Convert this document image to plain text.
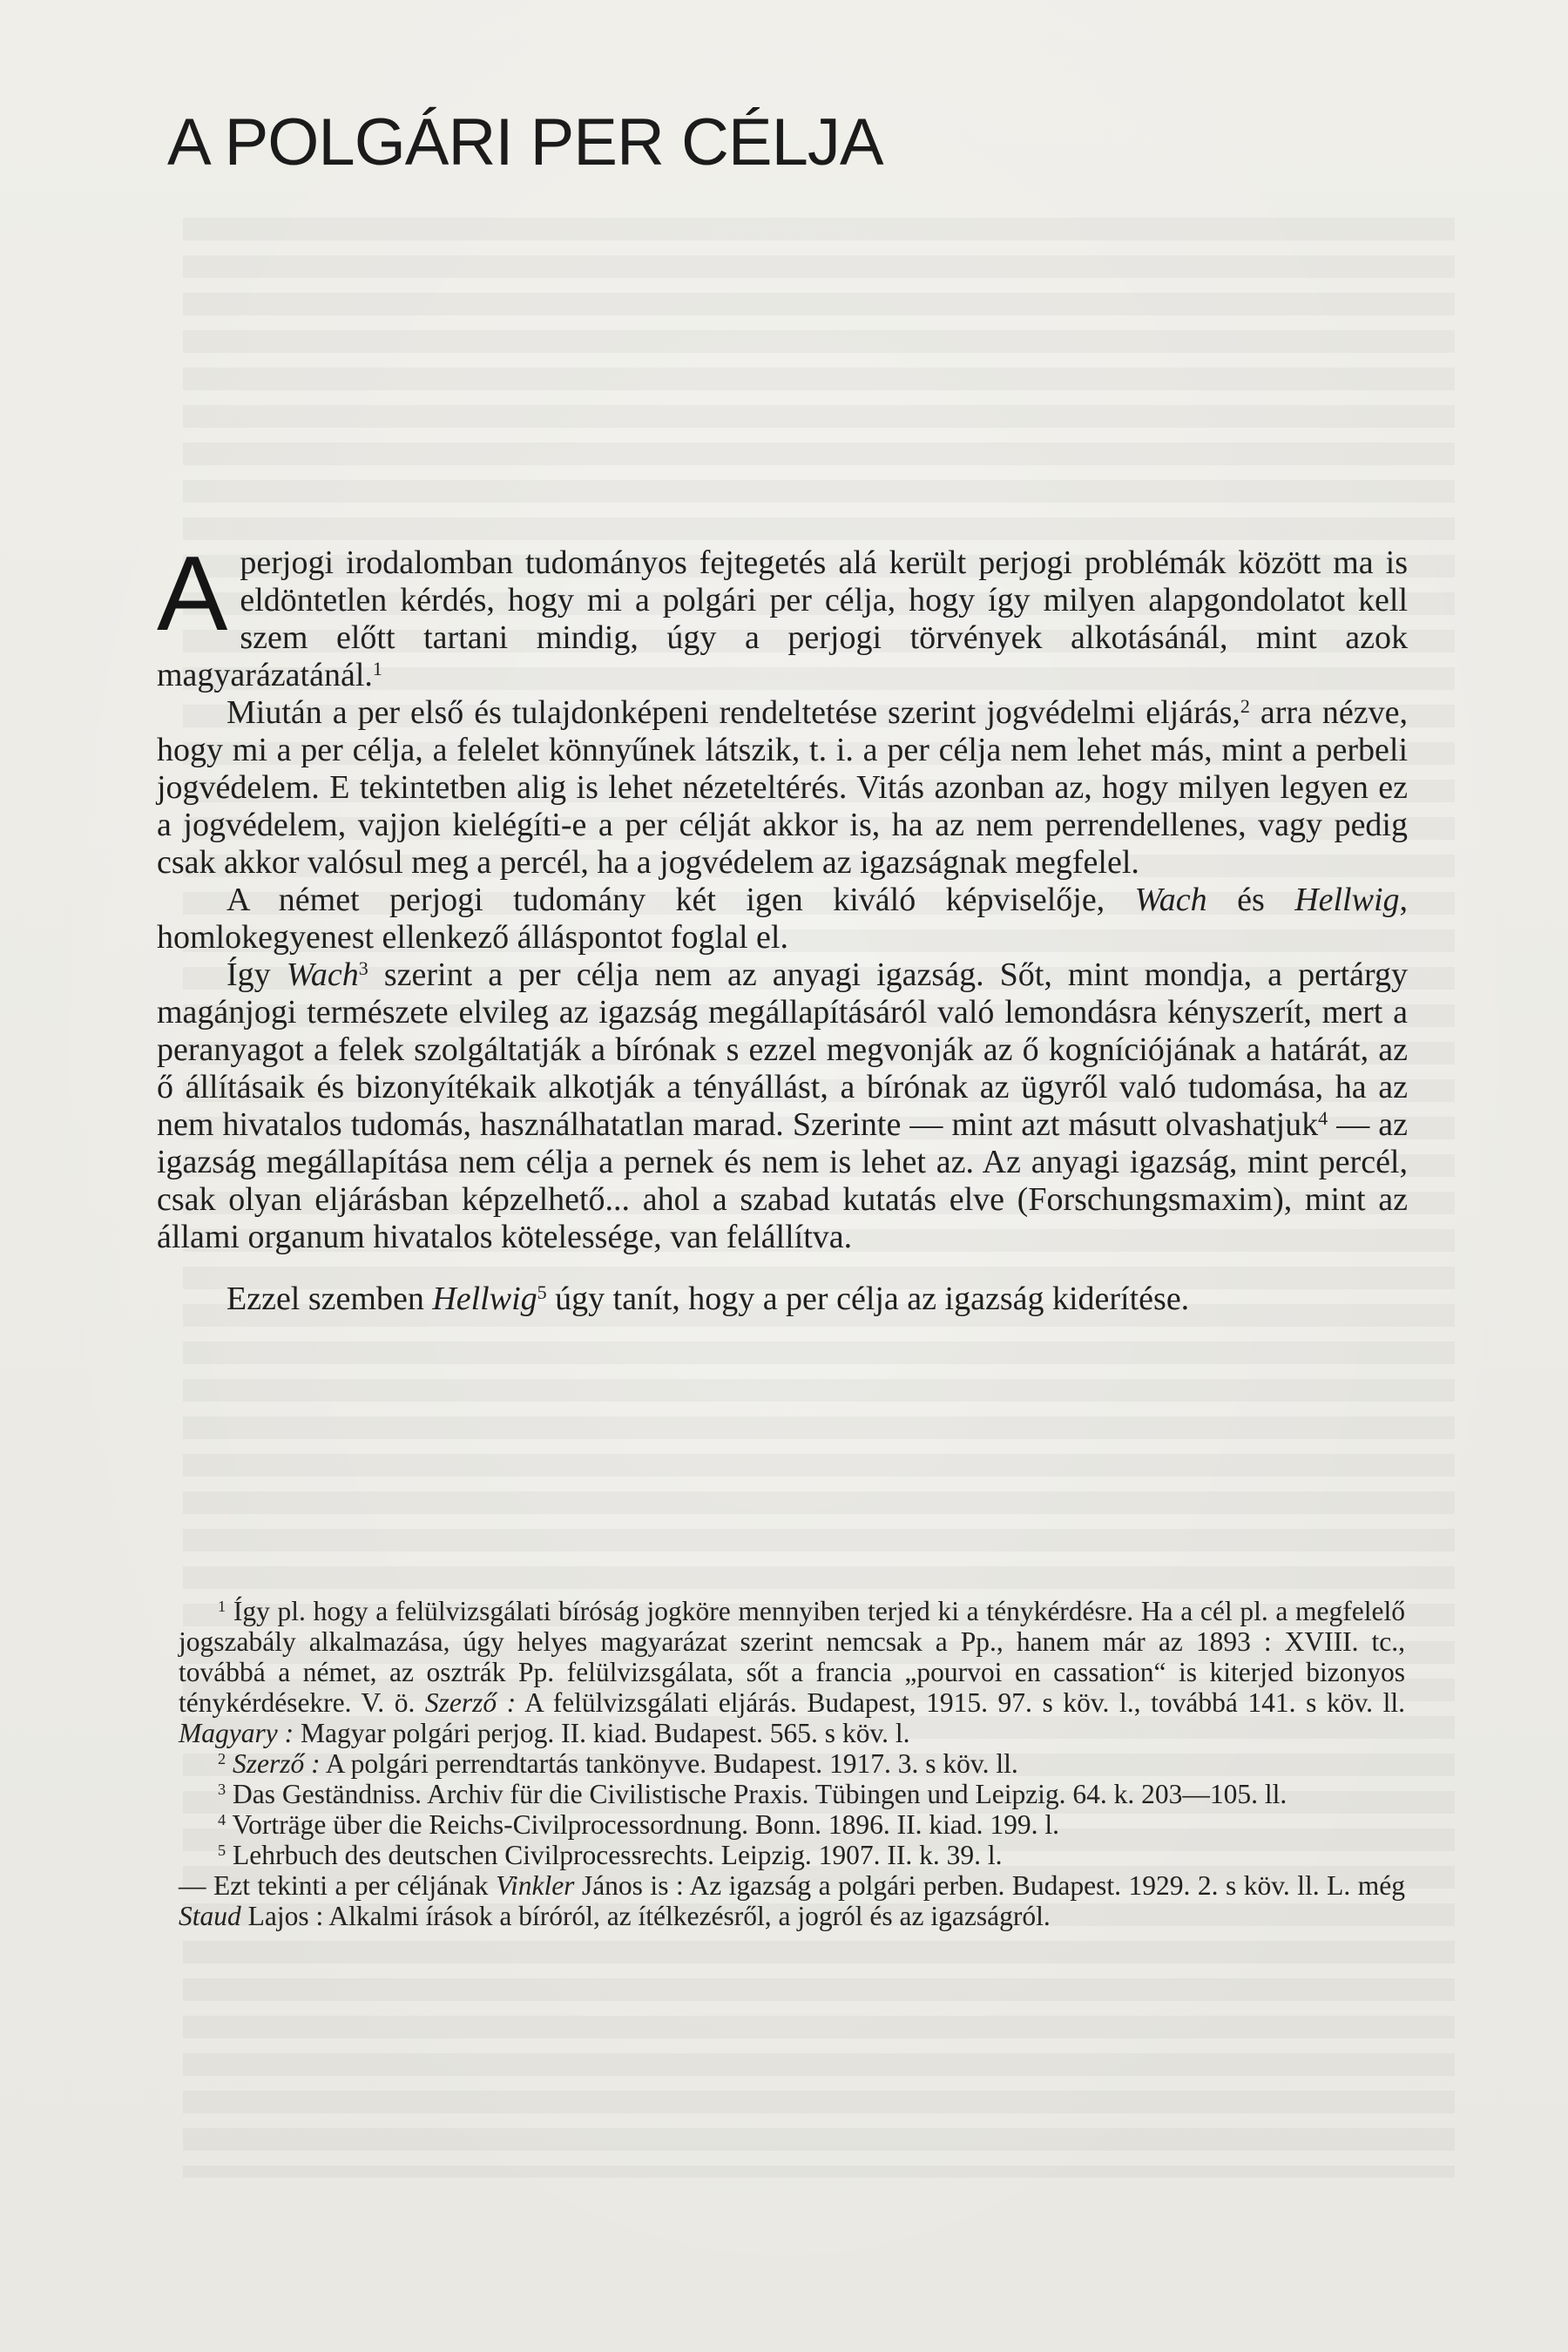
A POLGÁRI PER CÉLJA

A perjogi irodalomban tudományos fejtegetés alá került perjogi problémák között ma is eldöntetlen kérdés, hogy mi a polgári per célja, hogy így milyen alapgondolatot kell szem előtt tartani mindig, úgy a perjogi törvények alkotásánál, mint azok magyarázatánál.$^1$

Miután a per első és tulajdonképeni rendeltetése szerint jogvédelmi eljárás,$^2$ arra nézve, hogy mi a per célja, a felelet könnyűnek látszik, t. i. a per célja nem lehet más, mint a perbeli jogvédelem. E tekintetben alig is lehet nézeteltérés. Vitás azonban az, hogy milyen legyen ez a jogvédelem, vajjon kielégíti-e a per célját akkor is, ha az nem perrendellenes, vagy pedig csak akkor valósul meg a percél, ha a jogvédelem az igazságnak megfelel.

A német perjogi tudomány két igen kiváló képviselője, Wach és Hellwig, homlokegyenest ellenkező álláspontot foglal el.

Így Wach$^3$ szerint a per célja nem az anyagi igazság. Sőt, mint mondja, a pertárgy magánjogi természete elvileg az igazság megállapításáról való lemondásra kényszerít, mert a peranyagot a felek szolgáltatják a bírónak s ezzel megvonják az ő kogníciójának a határát, az ő állításaik és bizonyítékaik alkotják a tényállást, a bírónak az ügyről való tudomása, ha az nem hivatalos tudomás, használhatatlan marad. Szerinte — mint azt másutt olvashatjuk$^4$ — az igazság megállapítása nem célja a pernek és nem is lehet az. Az anyagi igazság, mint percél, csak olyan eljárásban képzelhető... ahol a szabad kutatás elve (Forschungsmaxim), mint az állami organum hivatalos kötelessége, van felállítva.

Ezzel szemben Hellwig$^5$ úgy tanít, hogy a per célja az igazság kiderítése.

$^1$ Így pl. hogy a felülvizsgálati bíróság jogköre mennyiben terjed ki a ténykérdésre. Ha a cél pl. a megfelelő jogszabály alkalmazása, úgy helyes magyarázat szerint nemcsak a Pp., hanem már az 1893 : XVIII. tc., továbbá a német, az osztrák Pp. felülvizsgálata, sőt a francia „pourvoi en cassation“ is kiterjed bizonyos ténykérdésekre. V. ö. Szerző : A felülvizsgálati eljárás. Budapest, 1915. 97. s köv. l., továbbá 141. s köv. ll. Magyary : Magyar polgári perjog. II. kiad. Budapest. 565. s köv. l.

$^2$ Szerző : A polgári perrendtartás tankönyve. Budapest. 1917. 3. s köv. ll.

$^3$ Das Geständniss. Archiv für die Civilistische Praxis. Tübingen und Leipzig. 64. k. 203—105. ll.

$^4$ Vorträge über die Reichs-Civilprocessordnung. Bonn. 1896. II. kiad. 199. l.

$^5$ Lehrbuch des deutschen Civilprocessrechts. Leipzig. 1907. II. k. 39. l.

— Ezt tekinti a per céljának Vinkler János is : Az igazság a polgári perben. Budapest. 1929. 2. s köv. ll. L. még Staud Lajos : Alkalmi írások a bíróról, az ítélkezésről, a jogról és az igazságról.
